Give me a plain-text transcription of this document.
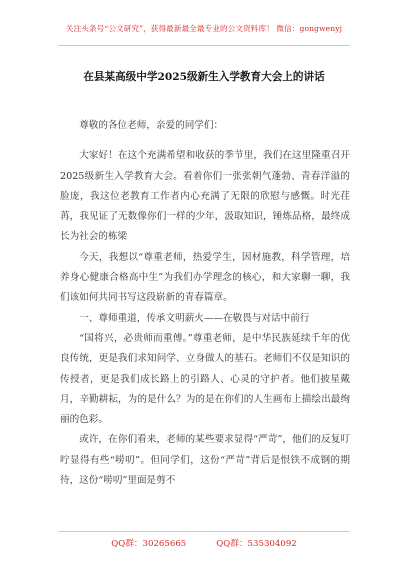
关注头条号“公文研究”，获得最新最全最专业的公文资料库！ 微信：gongwenyj
在县某高级中学2025级新生入学教育大会上的讲话

尊敬的各位老师，亲爱的同学们：

大家好！在这个充满希望和收获的季节里，我们在这里隆重召开2025级新生入学教育大会。看着你们一张张朝气蓬勃、青春洋溢的脸庞，我这位老教育工作者内心充满了无限的欣慰与感慨。时光荏苒，我见证了无数像你们一样的少年，汲取知识，锤炼品格，最终成长为社会的栋梁

今天，我想以“尊重老师，热爱学生，因材施教，科学管理，培养身心健康合格高中生”为我们办学理念的核心，和大家聊一聊，我们该如何共同书写这段崭新的青春篇章。

一、尊师重道，传承文明薪火——在敬畏与对话中前行

“国将兴，必贵师而重傅。”尊重老师，是中华民族延续千年的优良传统，更是我们求知问学、立身做人的基石。老师们不仅是知识的传授者，更是我们成长路上的引路人、心灵的守护者。他们披星戴月，辛勤耕耘，为的是什么？为的是在你们的人生画布上描绘出最绚丽的色彩。

或许，在你们看来，老师的某些要求显得“严苛”，他们的反复叮咛显得有些“唠叨”。但同学们，这份“严苛”背后是恨铁不成钢的期待，这份“唠叨”里面是剪不

QQ群：30265665	QQ群：535304092
